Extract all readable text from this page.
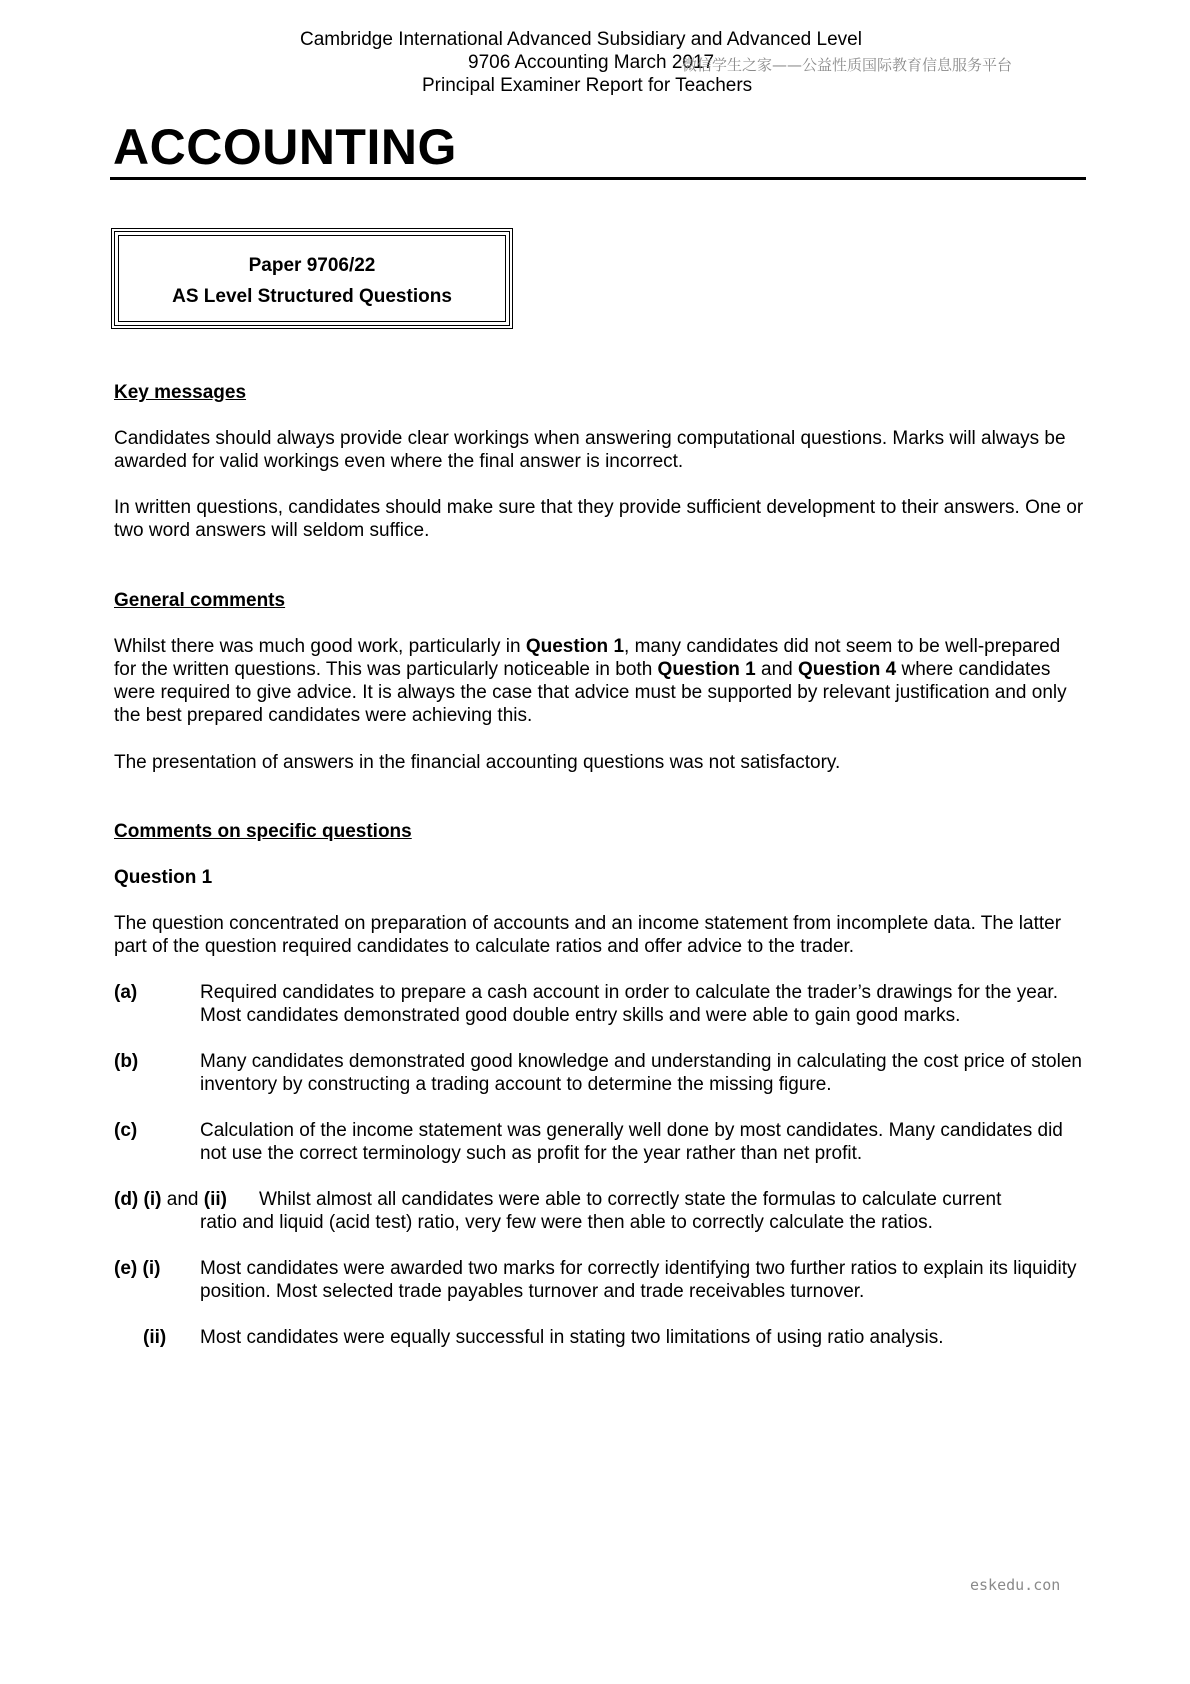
Cambridge International Advanced Subsidiary and Advanced Level
9706 Accounting March 2017
Principal Examiner Report for Teachers
微信学生之家——公益性质国际教育信息服务平台
ACCOUNTING
Paper 9706/22
AS Level Structured Questions
Key messages
Candidates should always provide clear workings when answering computational questions. Marks will always be awarded for valid workings even where the final answer is incorrect.
In written questions, candidates should make sure that they provide sufficient development to their answers. One or two word answers will seldom suffice.
General comments
Whilst there was much good work, particularly in Question 1, many candidates did not seem to be well-prepared for the written questions. This was particularly noticeable in both Question 1 and Question 4 where candidates were required to give advice. It is always the case that advice must be supported by relevant justification and only the best prepared candidates were achieving this.
The presentation of answers in the financial accounting questions was not satisfactory.
Comments on specific questions
Question 1
The question concentrated on preparation of accounts and an income statement from incomplete data. The latter part of the question required candidates to calculate ratios and offer advice to the trader.
(a)	Required candidates to prepare a cash account in order to calculate the trader’s drawings for the year. Most candidates demonstrated good double entry skills and were able to gain good marks.
(b)	Many candidates demonstrated good knowledge and understanding in calculating the cost price of stolen inventory by constructing a trading account to determine the missing figure.
(c)	Calculation of the income statement was generally well done by most candidates. Many candidates did not use the correct terminology such as profit for the year rather than net profit.
(d) (i) and (ii) Whilst almost all candidates were able to correctly state the formulas to calculate current
ratio and liquid (acid test) ratio, very few were then able to correctly calculate the ratios.
(e) (i) Most candidates were awarded two marks for correctly identifying two further ratios to explain its liquidity position. Most selected trade payables turnover and trade receivables turnover.
(ii) Most candidates were equally successful in stating two limitations of using ratio analysis.
eskedu.con
